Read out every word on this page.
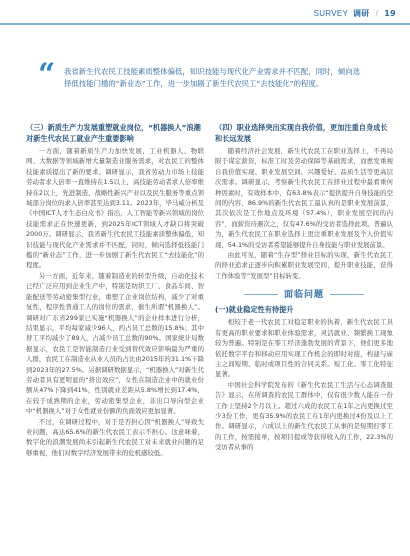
SURVEY 调研 / 19
“ 我省新生代农民工技能素质整体偏低，知识技能与现代化产业需求并不匹配，同时，倾向选择低技能门槛的“新业态”工作，进一步加剧了新生代农民工“去技能化”的程度。
（三）新质生产力发展重塑就业岗位，“机器换人”浪潮对新生代农民工就业产生重要影响

一方面，随着新质生产力加快发展，工业机器人、物联网、大数据等领域新增大量制造业服务需求，对农民工的整体技能素质提出了新的要求。调研显示，我省劳动力市场上技能劳动者求人倍率一直维持在1.5以上，高技能劳动者求人倍率维持在2以上，先进制造、战略性新兴产业以及民生服务等重点领域部分岗位的求人倍率甚至达到3.11。2023年，毕马威分析及《中国ICT人才生态白皮书》指出，人工智能等新兴领域的岗位技能需求正在快速更新，到2025年ICT领域人才缺口将突破2000万。调研显示，我省新生代农民工技能素质整体偏低，知识技能与现代化产业需求并不匹配，同时，倾向选择低技能门槛的“新业态”工作，进一步加剧了新生代农民工“去技能化”的程度。

另一方面，近年来，随着制造业的转型升级，自动化技术已经广泛应用到企业生产中，特别是纺织工厂、食品车间、智能配送等劳动密集型行业，重塑了企业岗位结构，减少了对重复性、程序性普通工人的岗位的需求，催生所谓“机器换人”。调研对广东省299家已实施“机器换人”的企业样本进行分析，结果显示，平均每家减少96人，约占员工总数的15.8%；其中替工平均减少了89人，占减少员工总数的90%。国家统计局数据显示，农民工是智能制造行业受到替代效应影响最为严重的人群，农民工在制造业从业人员的占比由2015年的31.1%下降到2023年的27.5%。另据调研数据显示，“机器换人”对新生代劳动者具有更明显的“挤出效应”，女性在制造企业中的就业份额从47%下降到41%，性别就业差距从5.8%增长到17.4%，在较于成熟期的企业，劳动密集型企业，非出口导向型企业中“机器换人”对于女性就业份额的负面效应更加显著。

不过，在调研过程中，对于是否担心因“机器换人”导致失业问题，高达65.6%的新生代农民工表示不担心。这意味着，数字化的浪潮发展尚未引起新生代农民工对未来就业问题的足够重视，他们对数字经济发展带来的危机感较低。

（四）职业选择突出实现自我价值，更加注重自身成长和长远发展

随着经济社会发展，新生代农民工在职业选择上，不再局限于谋定薪资，标准工时及劳动保障等基础需求，而愈发重视自我价值实现、职业发展空间、兴趣爱好、品质生活等更高层次需求。调研显示，考察新生代农民工在择业过程中最看重何种因素时，有效样本中，有63.8%表示“提供提升自身技能的空间的内容，86.9%的新生代农民工最认真的是职业发展前景，其次依次是工作地点及环境（57.4%），职业发展空间的内容”，而薪资待遇次之，仅有47.6%的受访者选择此项。普遍认为，新生代农民工在职业选择上更注重职业发展及个人价值实现，54.1%的受访者希望能够提升自身技能与职业发展前景。

由此可见，随着“生存型”择业目标的实现，新生代农民工的择业追求正逐步向积累职业发展空间，提升职业技能，获得工作体验等“发展型”目标转变。

面临问题
(一)就业稳定性有待提升

相较于老一代农民工对稳定职业的执着，新生代农民工具有更高的职业要求和职业体验需求，灵活就业、频繁换工现象较为普遍。特别是在零工经济蓬勃发展的背景下，他们更多地依托数字平台和移动应用实现工作机会的即时对接，构建与雇主之间短期、临时或项目性的合同关系。短工化、零工化特征显著。

中国社会科学院发布的《新生代农民工生活与心态调查报告》显示，在所调查的农民工群体中，仅有很少数人能在一份工作上坚持2个月以上。超过六成的农民工在1年之内更换过至少3份工作，更有35.9%的农民工在1年内更换过4份及以上工作。调研显示，六成以上的新生代农民工从事的是短期打零工的工作，按需接单，按项目提成等获得收入的工作，22.3%的受访者从事的
